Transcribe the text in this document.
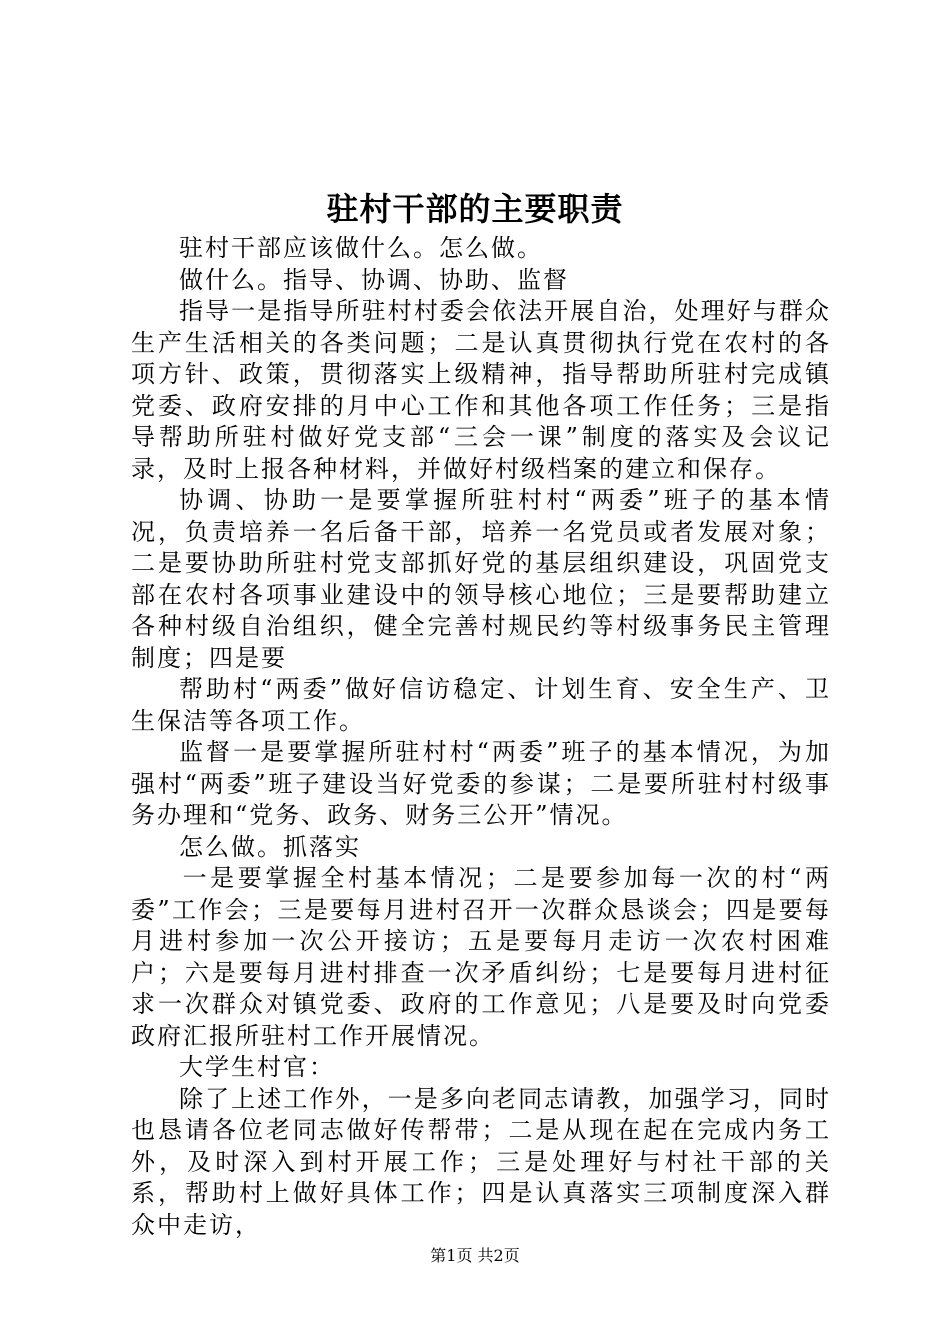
驻村干部的主要职责

驻村干部应该做什么。怎么做。

做什么。指导、协调、协助、监督

指导一是指导所驻村村委会依法开展自治，处理好与群众生产生活相关的各类问题；二是认真贯彻执行党在农村的各项方针、政策，贯彻落实上级精神，指导帮助所驻村完成镇党委、政府安排的月中心工作和其他各项工作任务；三是指导帮助所驻村做好党支部“三会一课”制度的落实及会议记录，及时上报各种材料，并做好村级档案的建立和保存。

协调、协助一是要掌握所驻村村“两委”班子的基本情况，负责培养一名后备干部，培养一名党员或者发展对象；二是要协助所驻村党支部抓好党的基层组织建设，巩固党支部在农村各项事业建设中的领导核心地位；三是要帮助建立各种村级自治组织，健全完善村规民约等村级事务民主管理制度；四是要

帮助村“两委”做好信访稳定、计划生育、安全生产、卫生保洁等各项工作。

监督一是要掌握所驻村村“两委”班子的基本情况，为加强村“两委”班子建设当好党委的参谋；二是要所驻村村级事务办理和“党务、政务、财务三公开”情况。

怎么做。抓落实

一是要掌握全村基本情况；二是要参加每一次的村“两委”工作会；三是要每月进村召开一次群众恳谈会；四是要每月进村参加一次公开接访；五是要每月走访一次农村困难户；六是要每月进村排查一次矛盾纠纷；七是要每月进村征求一次群众对镇党委、政府的工作意见；八是要及时向党委政府汇报所驻村工作开展情况。

大学生村官：

除了上述工作外，一是多向老同志请教，加强学习，同时也恳请各位老同志做好传帮带；二是从现在起在完成内务工外，及时深入到村开展工作；三是处理好与村社干部的关系，帮助村上做好具体工作；四是认真落实三项制度深入群众中走访，

第1页 共2页
